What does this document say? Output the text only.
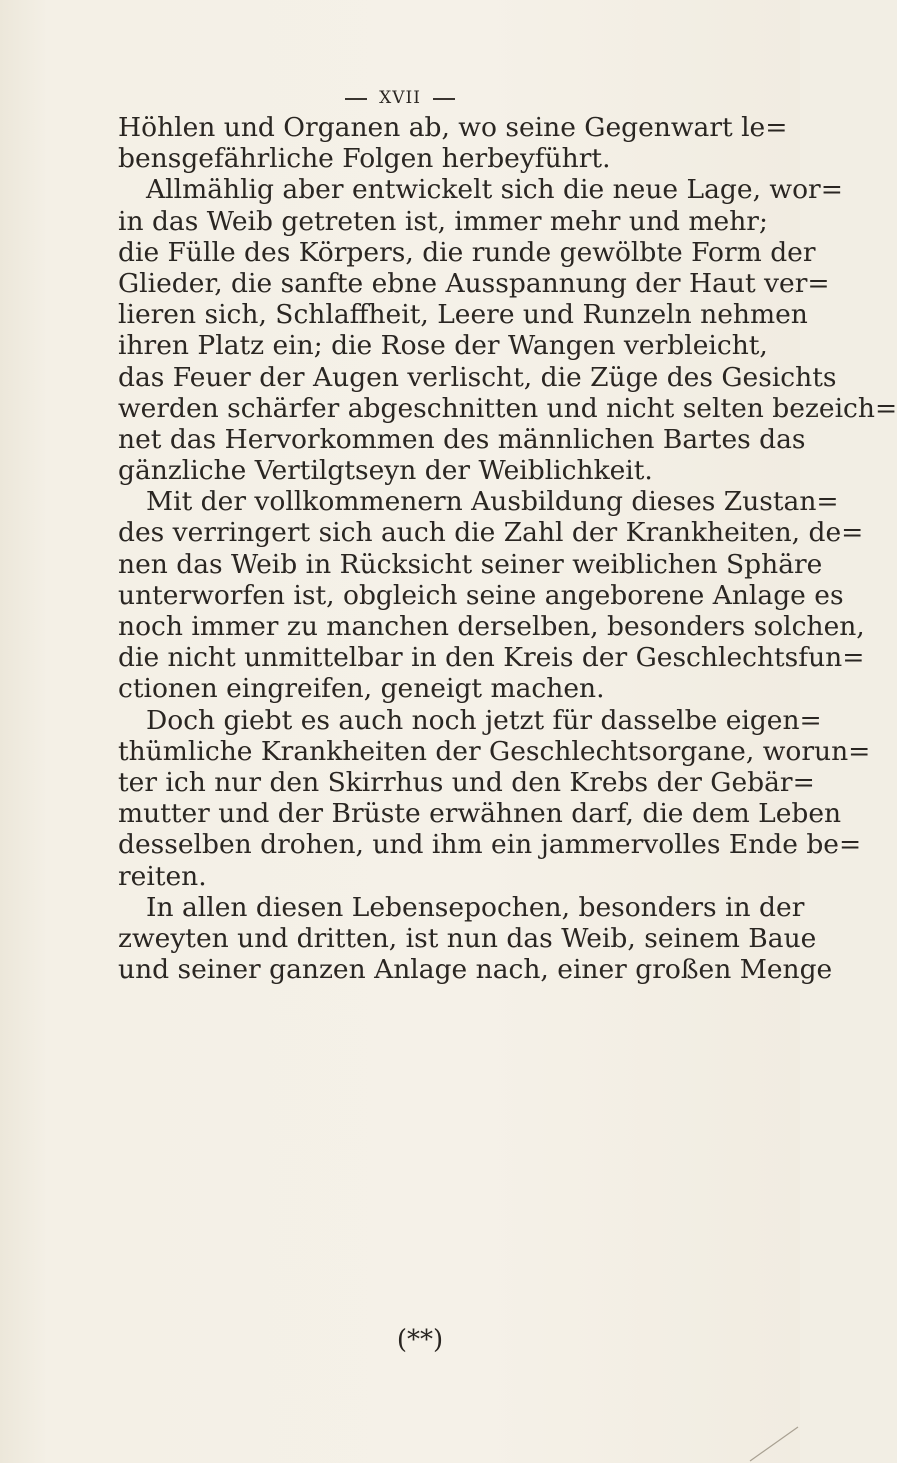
XVII
Höhlen und Organen ab, wo seine Gegenwart le=
bensgefährliche Folgen herbeyführt.
Allmählig aber entwickelt sich die neue Lage, wor=
in das Weib getreten ist, immer mehr und mehr;
die Fülle des Körpers, die runde gewölbte Form der
Glieder, die sanfte ebne Ausspannung der Haut ver=
lieren sich, Schlaffheit, Leere und Runzeln nehmen
ihren Platz ein; die Rose der Wangen verbleicht,
das Feuer der Augen verlischt, die Züge des Gesichts
werden schärfer abgeschnitten und nicht selten bezeich=
net das Hervorkommen des männlichen Bartes das
gänzliche Vertilgtseyn der Weiblichkeit.
Mit der vollkommenern Ausbildung dieses Zustan=
des verringert sich auch die Zahl der Krankheiten, de=
nen das Weib in Rücksicht seiner weiblichen Sphäre
unterworfen ist, obgleich seine angeborene Anlage es
noch immer zu manchen derselben, besonders solchen,
die nicht unmittelbar in den Kreis der Geschlechtsfun=
ctionen eingreifen, geneigt machen.
Doch giebt es auch noch jetzt für dasselbe eigen=
thümliche Krankheiten der Geschlechtsorgane, worun=
ter ich nur den Skirrhus und den Krebs der Gebär=
mutter und der Brüste erwähnen darf, die dem Leben
desselben drohen, und ihm ein jammervolles Ende be=
reiten.
In allen diesen Lebensepochen, besonders in der
zweyten und dritten, ist nun das Weib, seinem Baue
und seiner ganzen Anlage nach, einer großen Menge
(**)
